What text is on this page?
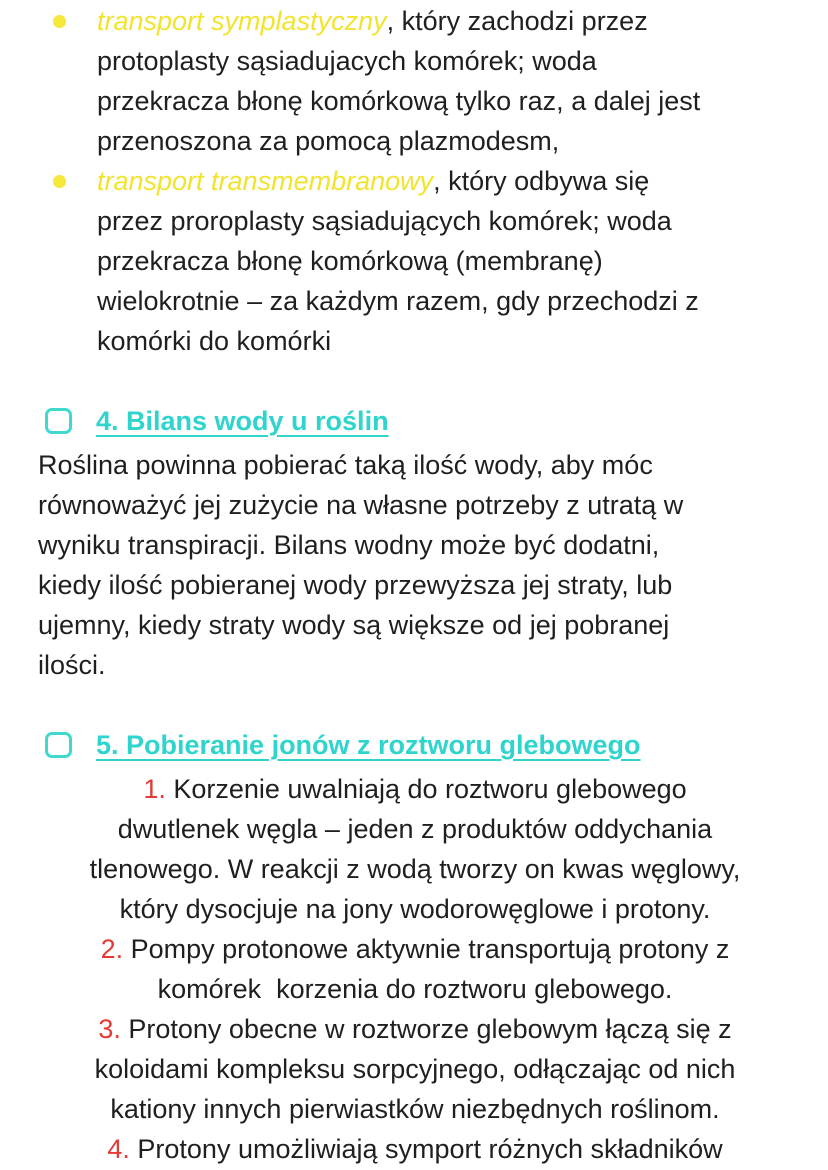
transport symplastyczny, który zachodzi przez
protoplasty sąsiadujacych komórek; woda
przekracza błonę komórkową tylko raz, a dalej jest
przenoszona za pomocą plazmodesm,
transport transmembranowy, który odbywa się
przez proroplasty sąsiadujących komórek; woda
przekracza błonę komórkową (membranę)
wielokrotnie – za każdym razem, gdy przechodzi z
komórki do komórki
4. Bilans wody u roślin
Roślina powinna pobierać taką ilość wody, aby móc
równoważyć jej zużycie na własne potrzeby z utratą w
wyniku transpiracji. Bilans wodny może być dodatni,
kiedy ilość pobieranej wody przewyższa jej straty, lub
ujemny, kiedy straty wody są większe od jej pobranej
ilości.
5. Pobieranie jonów z roztworu glebowego
1. Korzenie uwalniają do roztworu glebowego
dwutlenek węgla – jeden z produktów oddychania
tlenowego. W reakcji z wodą tworzy on kwas węglowy,
który dysocjuje na jony wodorowęglowe i protony.
2. Pompy protonowe aktywnie transportują protony z
komórek  korzenia do roztworu glebowego.
3. Protony obecne w roztworze glebowym łączą się z
koloidami kompleksu sorpcyjnego, odłączając od nich
kationy innych pierwiastków niezbędnych roślinom.
4. Protony umożliwiają symport różnych składników
